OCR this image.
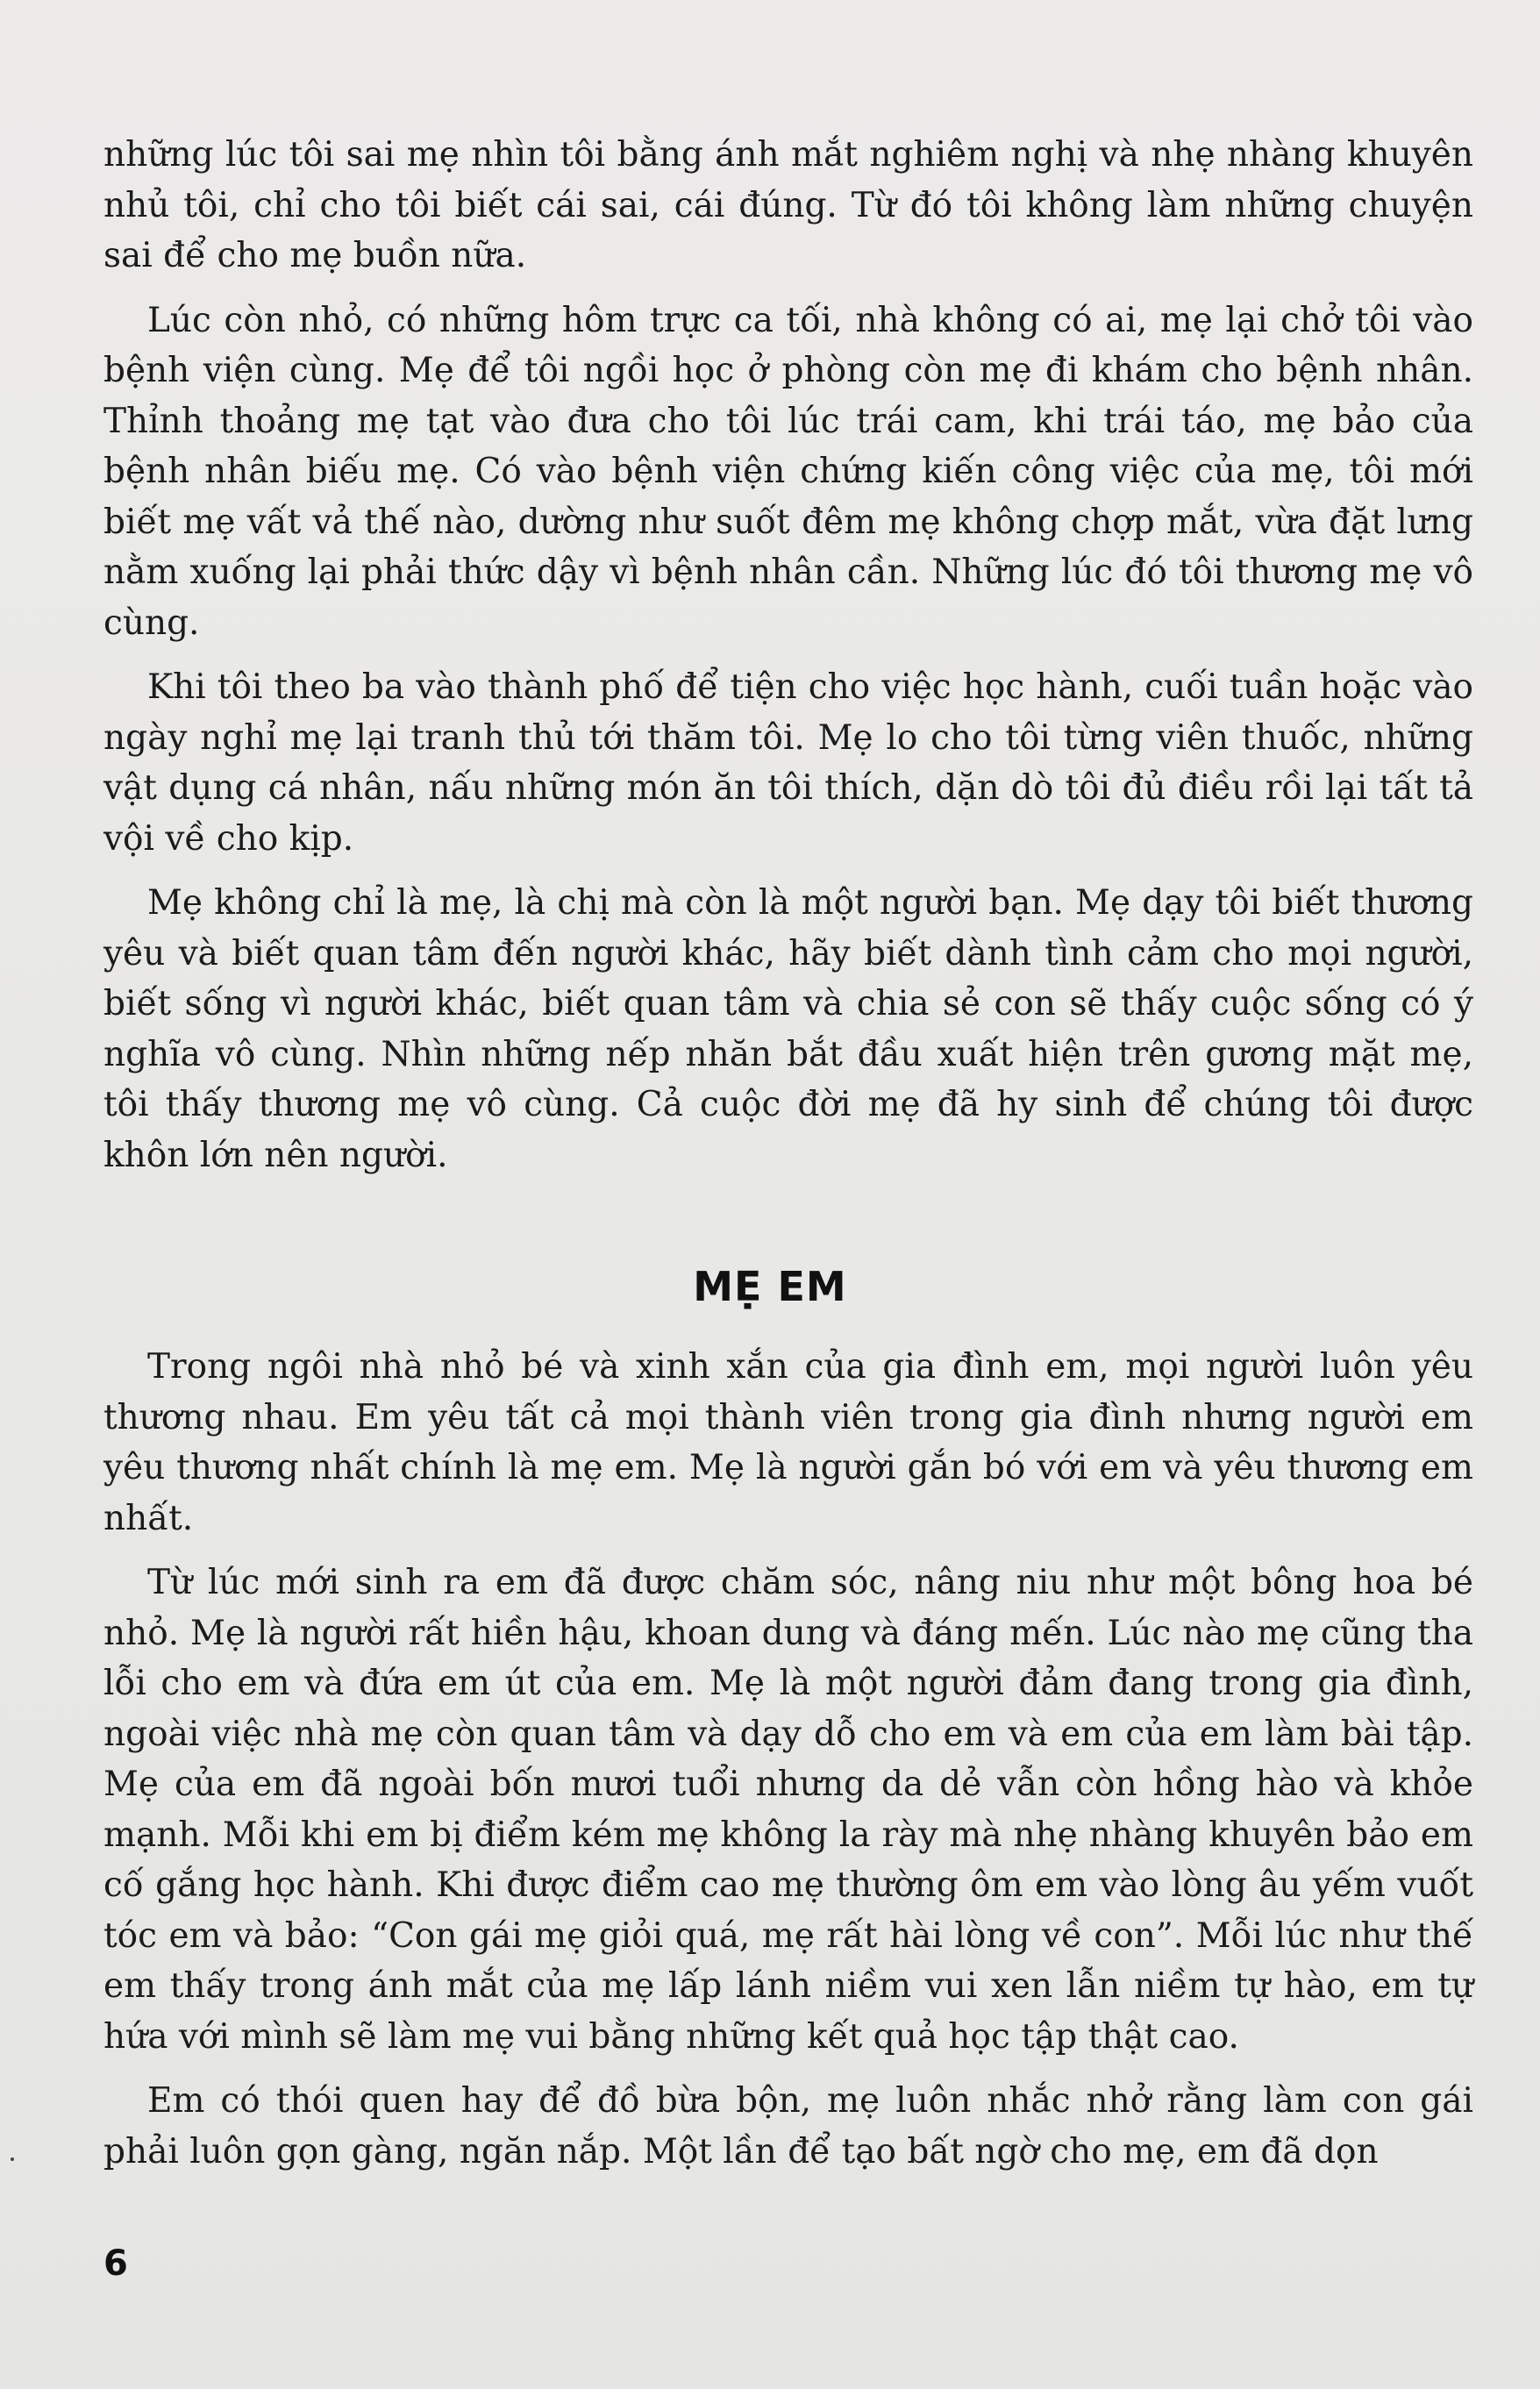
những lúc tôi sai mẹ nhìn tôi bằng ánh mắt nghiêm nghị và nhẹ nhàng khuyên nhủ tôi, chỉ cho tôi biết cái sai, cái đúng. Từ đó tôi không làm những chuyện sai để cho mẹ buồn nữa.

Lúc còn nhỏ, có những hôm trực ca tối, nhà không có ai, mẹ lại chở tôi vào bệnh viện cùng. Mẹ để tôi ngồi học ở phòng còn mẹ đi khám cho bệnh nhân. Thỉnh thoảng mẹ tạt vào đưa cho tôi lúc trái cam, khi trái táo, mẹ bảo của bệnh nhân biếu mẹ. Có vào bệnh viện chứng kiến công việc của mẹ, tôi mới biết mẹ vất vả thế nào, dường như suốt đêm mẹ không chợp mắt, vừa đặt lưng nằm xuống lại phải thức dậy vì bệnh nhân cần. Những lúc đó tôi thương mẹ vô cùng.

Khi tôi theo ba vào thành phố để tiện cho việc học hành, cuối tuần hoặc vào ngày nghỉ mẹ lại tranh thủ tới thăm tôi. Mẹ lo cho tôi từng viên thuốc, những vật dụng cá nhân, nấu những món ăn tôi thích, dặn dò tôi đủ điều rồi lại tất tả vội về cho kịp.

Mẹ không chỉ là mẹ, là chị mà còn là một người bạn. Mẹ dạy tôi biết thương yêu và biết quan tâm đến người khác, hãy biết dành tình cảm cho mọi người, biết sống vì người khác, biết quan tâm và chia sẻ con sẽ thấy cuộc sống có ý nghĩa vô cùng. Nhìn những nếp nhăn bắt đầu xuất hiện trên gương mặt mẹ, tôi thấy thương mẹ vô cùng. Cả cuộc đời mẹ đã hy sinh để chúng tôi được khôn lớn nên người.

MẸ EM

Trong ngôi nhà nhỏ bé và xinh xắn của gia đình em, mọi người luôn yêu thương nhau. Em yêu tất cả mọi thành viên trong gia đình nhưng người em yêu thương nhất chính là mẹ em. Mẹ là người gắn bó với em và yêu thương em nhất.

Từ lúc mới sinh ra em đã được chăm sóc, nâng niu như một bông hoa bé nhỏ. Mẹ là người rất hiền hậu, khoan dung và đáng mến. Lúc nào mẹ cũng tha lỗi cho em và đứa em út của em. Mẹ là một người đảm đang trong gia đình, ngoài việc nhà mẹ còn quan tâm và dạy dỗ cho em và em của em làm bài tập. Mẹ của em đã ngoài bốn mươi tuổi nhưng da dẻ vẫn còn hồng hào và khỏe mạnh. Mỗi khi em bị điểm kém mẹ không la rày mà nhẹ nhàng khuyên bảo em cố gắng học hành. Khi được điểm cao mẹ thường ôm em vào lòng âu yếm vuốt tóc em và bảo: “Con gái mẹ giỏi quá, mẹ rất hài lòng về con”. Mỗi lúc như thế em thấy trong ánh mắt của mẹ lấp lánh niềm vui xen lẫn niềm tự hào, em tự hứa với mình sẽ làm mẹ vui bằng những kết quả học tập thật cao.

Em có thói quen hay để đồ bừa bộn, mẹ luôn nhắc nhở rằng làm con gái phải luôn gọn gàng, ngăn nắp. Một lần để tạo bất ngờ cho mẹ, em đã dọn

6
